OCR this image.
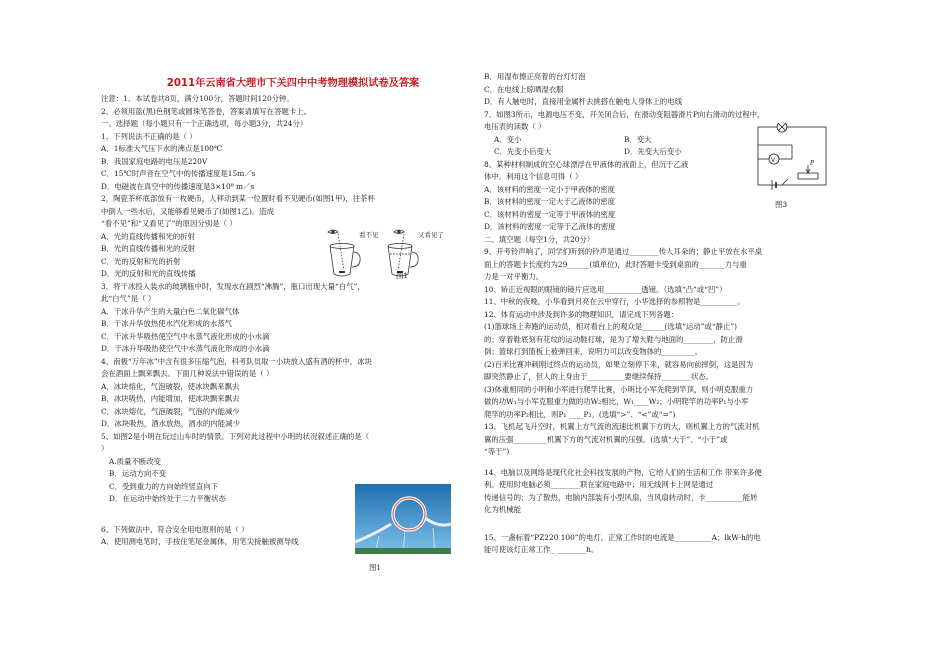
2011年云南省大理市下关四中中考物理模拟试卷及答案
注意：1、本试卷共8页，满分100分，答题时间120分钟。
2、必须用蓝(黑)色钢笔或圆珠笔答卷，答案请填写在答题卡上。
一、选择题（每小题只有一个正确选项，每小题3分，共24分）
1、下列说法不正确的是（ ）
A．1标准大气压下水的沸点是100℃
B．我国家庭电路的电压是220V
C．15℃时声音在空气中的传播速度是15m／s
D．电磁波在真空中的传播速度是3×10⁸ m／s
2．陶瓷茶杯底部放有一枚硬币，人移动到某一位置时看不见硬币(如图1甲)，往茶杯
中倒人一些水后，又能够看见硬币了(如图1乙)。造成
“看不见”和“又看见了”的原因分别是（ ）
A．光的直线传播和光的折射
B．光的直线传播和光的反射
C．光的反射和光的折射
D．光的反射和光的直线传播
3、将干冰投入装水的玻璃瓶中时，发现水在剧烈“沸腾”，瓶口出现大量“白气”，
此“白气”是（ ）
A．干冰升华产生的大量白色二氧化碳气体
B．干冰升华放热使水汽化形成的水蒸气
C．干冰升华吸热使空气中水蒸气液化形成的小水滴
D．干冰升华吸热使空气中水蒸气液化形成的小水滴
4、南极“万年冰”中含有很多压缩气泡，科考队员取一小块放入盛有酒的杯中，冰块
会在酒面上飘来飘去。下面几种说法中错误的是（ ）
A．冰块熔化，气泡破裂，使冰块飘来飘去
B．冰块吸热，内能增加，使冰块飘来飘去
C．冰块熔化，气泡破裂，气泡的内能减少
D．冰块吸热，酒水放热，酒水的内能减少
5、如图2是小明在玩过山车时的情景。下列对此过程中小明的状况叙述正确的是（
）
A.质量不断改变
B．运动方向不变
C．受到重力的方向始终竖直向下
D．在运动中始终处于二力平衡状态
6、下列做法中，符合安全用电原则的是（ ）
A．使用测电笔时，手按住笔尾金属体，用笔尖接触被测导线
看不见	又看见了
图1
图1
B．用湿布擦正亮着的台灯灯泡
C．在电线上晾晒湿衣服
D．有人触电时，直接用金属杆去挑搭在触电人身体上的电线
7、如图3所示，电源电压不变，开关闭合后，在滑动变阻器滑片P向右滑动的过程中，
电压表的读数（ ）
A．变小	B．变大
C．先变小后变大	D．先变大后变小
8、某种材料制成的空心球漂浮在甲液体的液面上，但沉于乙液
体中．利用这个信息可得（ ）
A．该材料的密度一定小于甲液体的密度
B．该材料的密度一定大于乙液体的密度
C．该材料的密度一定等于甲液体的密度
D．该材料的密度一定等于乙液体的密度
二、填空题（每空1分，共20分）
9、开考铃声响了，同学们听到的铃声是通过________传人耳朵的；静止平放在水平桌
面上的答题卡长度约为29______(填单位)，此时答题卡受到桌面的_______力与重
力是一对平衡力。
10、矫正近视眼的眼镜的镜片应选用__________透镜。（选填“凸”或“凹”）
11、中秋的夜晚，小华看到月亮在云中穿行，小华选择的参照物是__________。
12、体育运动中涉及到许多的物理知识，请完成下列各题：
(1)篮球场上奔跑的运动员，相对看台上的观众是______(选填“运动”或“静止”)
的；穿着鞋底刻有花纹的运动鞋打球，是为了增大鞋与地面的________，防止滑
倒；篮球打到篮板上被弹回来，说明力可以改变物体的_________。
(2)百米比赛冲刺刚过终点的运动员，如果立刻停下来，就容易向前摔倒，这是因为
脚突然静止了，但人的上身由于__________要继续保持________状态。
(3)体重相同的小明和小军进行爬竿比赛，小明比小军先爬到竿顶，则小明克服重力
做的功W₁与小军克服重力做的功W₂相比，W₁____W₂；小明爬竿的功率P₁与小军
爬竿的功率P₂相比，则P₁ ____P₂。(选填“>”、“<”或“=”)
13、飞机起飞升空时，机翼上方气流的流速比机翼下方的大，则机翼上方的气流对机
翼的压强_________机翼下方的气流对机翼的压强。(选填“大于”、“小于”或
“等于”)
14、电脑以及网络是现代化社会科技发展的产物，它给人们的生活和工作 带来许多便
利。使用时电脑必须________联在家庭电路中；用无线网卡上网是通过
传递信号的；为了散热，电脑内部装有小型风扇，当风扇转动时，卡__________能转
化为机械能
15、一盏标着“PZ220 100”的电灯，正常工作时的电流是__________A；lkW·h的电
能可使该灯正常工作_ ________h。
V	P
图3
